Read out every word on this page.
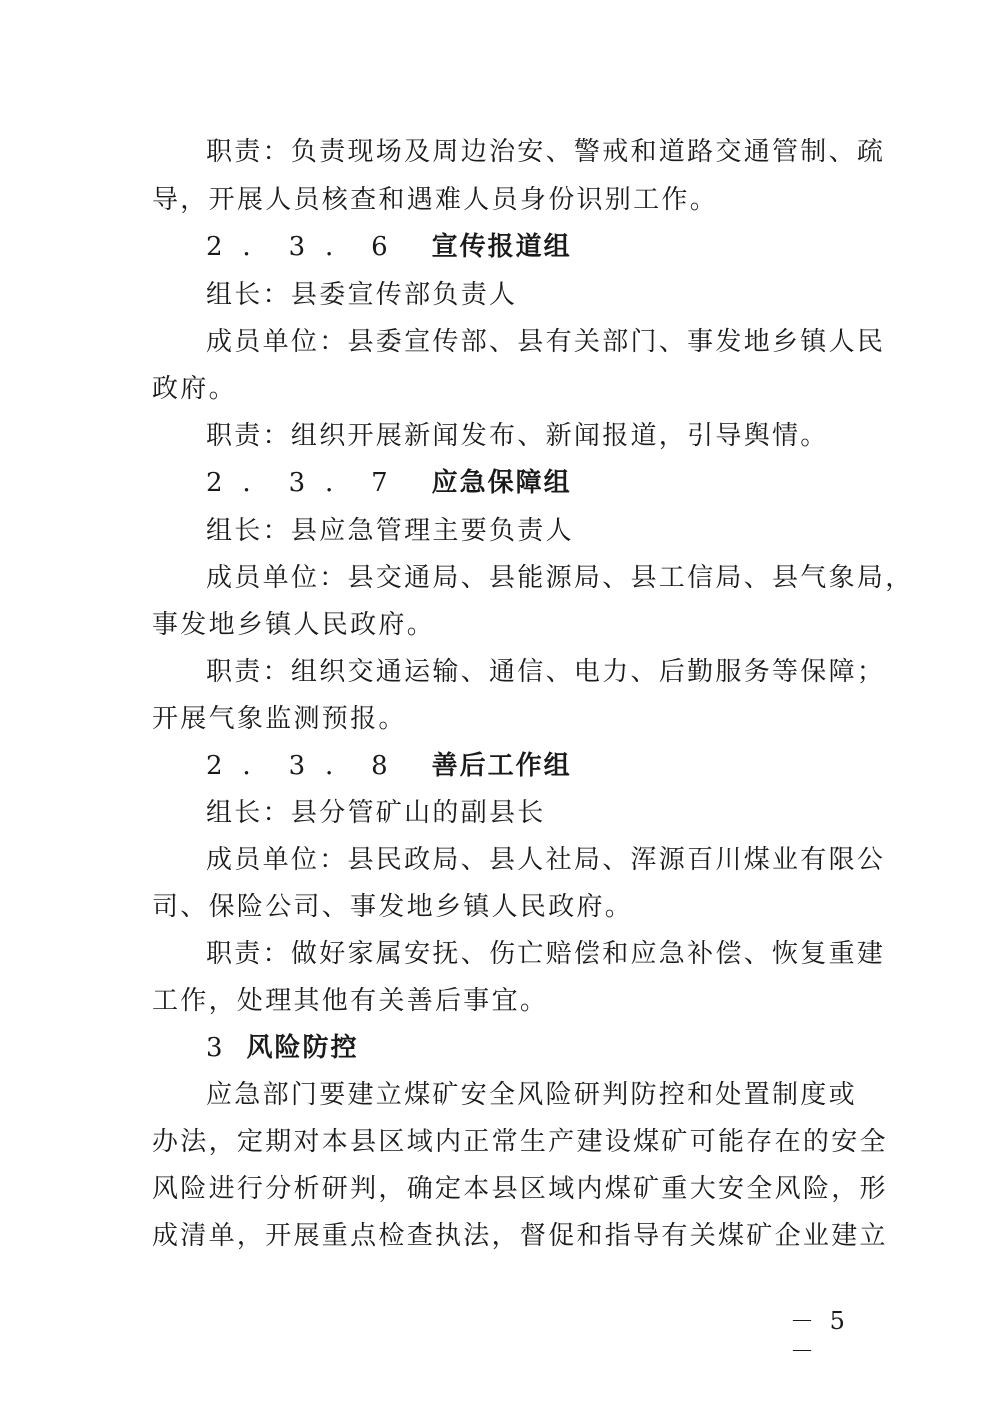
职责：负责现场及周边治安、警戒和道路交通管制、疏
导，开展人员核查和遇难人员身份识别工作。
2 ． 3 ． 6 宣传报道组
组长：县委宣传部负责人
成员单位：县委宣传部、县有关部门、事发地乡镇人民
政府。
职责：组织开展新闻发布、新闻报道，引导舆情。
2 ． 3 ． 7 应急保障组
组长：县应急管理主要负责人
成员单位：县交通局、县能源局、县工信局、县气象局，
事发地乡镇人民政府。
职责：组织交通运输、通信、电力、后勤服务等保障；
开展气象监测预报。
2 ． 3 ． 8 善后工作组
组长：县分管矿山的副县长
成员单位：县民政局、县人社局、浑源百川煤业有限公
司、保险公司、事发地乡镇人民政府。
职责：做好家属安抚、伤亡赔偿和应急补偿、恢复重建
工作，处理其他有关善后事宜。
3 风险防控
应急部门要建立煤矿安全风险研判防控和处置制度或
办法，定期对本县区域内正常生产建设煤矿可能存在的安全
风险进行分析研判，确定本县区域内煤矿重大安全风险，形
成清单，开展重点检查执法，督促和指导有关煤矿企业建立
－ 5 －
